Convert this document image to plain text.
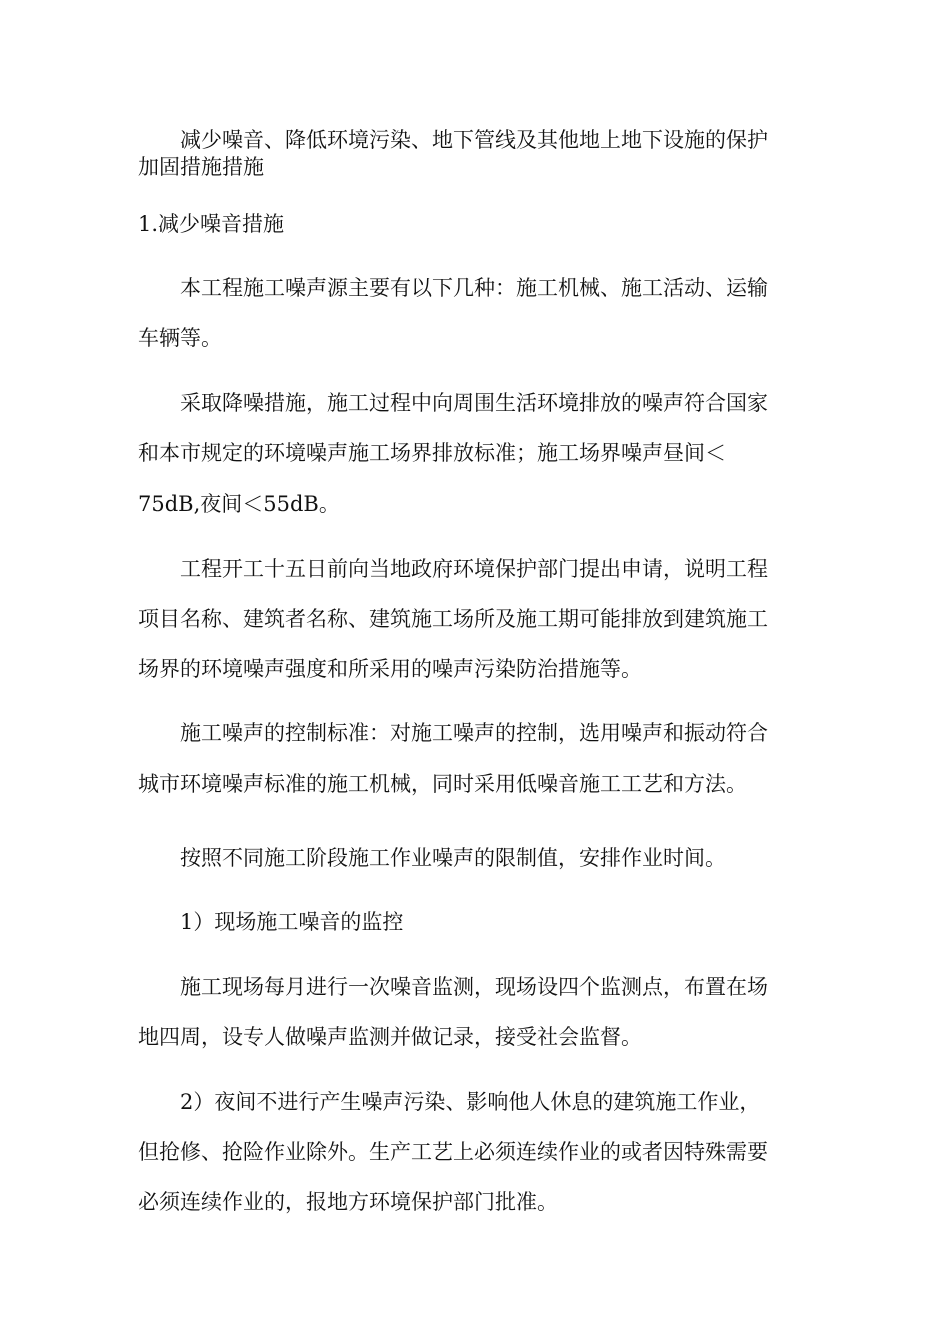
减少噪音、降低环境污染、地下管线及其他地上地下设施的保护
加固措施措施
1.减少噪音措施
本工程施工噪声源主要有以下几种：施工机械、施工活动、运输
车辆等。
采取降噪措施，施工过程中向周围生活环境排放的噪声符合国家
和本市规定的环境噪声施工场界排放标准；施工场界噪声昼间＜
75dB,夜间＜55dB。
工程开工十五日前向当地政府环境保护部门提出申请，说明工程
项目名称、建筑者名称、建筑施工场所及施工期可能排放到建筑施工
场界的环境噪声强度和所采用的噪声污染防治措施等。
施工噪声的控制标准：对施工噪声的控制，选用噪声和振动符合
城市环境噪声标准的施工机械，同时采用低噪音施工工艺和方法。
按照不同施工阶段施工作业噪声的限制值，安排作业时间。
1）现场施工噪音的监控
施工现场每月进行一次噪音监测，现场设四个监测点，布置在场
地四周，设专人做噪声监测并做记录，接受社会监督。
2）夜间不进行产生噪声污染、影响他人休息的建筑施工作业，
但抢修、抢险作业除外。生产工艺上必须连续作业的或者因特殊需要
必须连续作业的，报地方环境保护部门批准。
